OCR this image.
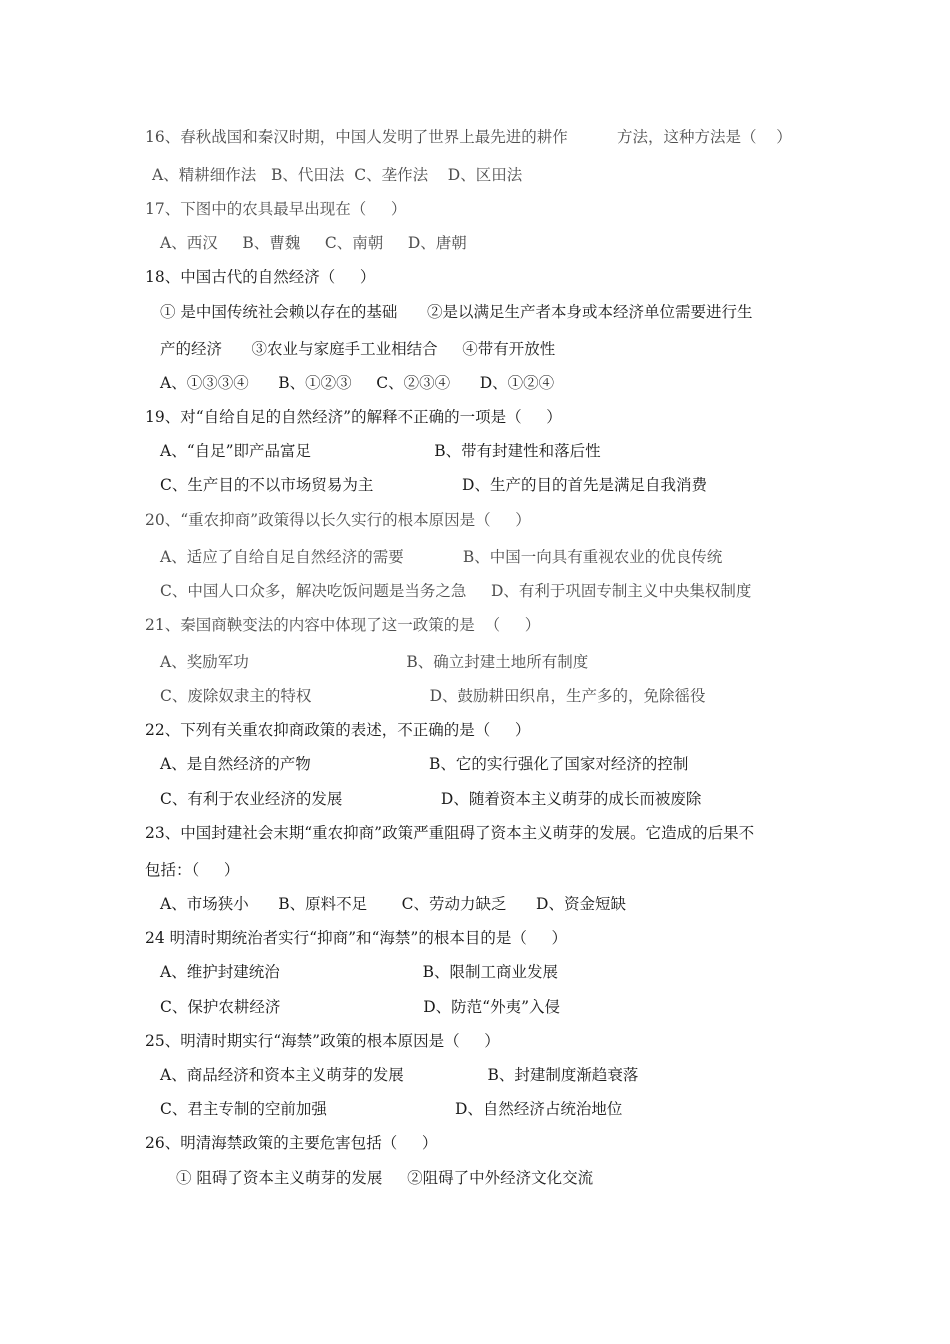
16、春秋战国和秦汉时期，中国人发明了世界上最先进的耕作          方法，这种方法是（    ）
A、精耕细作法   B、代田法  C、垄作法    D、区田法
17、下图中的农具最早出现在（     ）
A、西汉     B、曹魏     C、南朝     D、唐朝
18、中国古代的自然经济（     ）
① 是中国传统社会赖以存在的基础      ②是以满足生产者本身或本经济单位需要进行生
产的经济      ③农业与家庭手工业相结合     ④带有开放性
A、①③③④      B、①②③     C、②③④      D、①②④
19、对“自给自足的自然经济”的解释不正确的一项是（     ）
A、“自足”即产品富足                         B、带有封建性和落后性
C、生产目的不以市场贸易为主                  D、生产的目的首先是满足自我消费
20、“重农抑商”政策得以长久实行的根本原因是（     ）
A、适应了自给自足自然经济的需要            B、中国一向具有重视农业的优良传统
C、中国人口众多，解决吃饭问题是当务之急     D、有利于巩固专制主义中央集权制度
21、秦国商鞅变法的内容中体现了这一政策的是  （     ）
A、奖励军功                                B、确立封建土地所有制度
C、废除奴隶主的特权                        D、鼓励耕田织帛，生产多的，免除徭役
22、下列有关重农抑商政策的表述，不正确的是（     ）
A、是自然经济的产物                        B、它的实行强化了国家对经济的控制
C、有利于农业经济的发展                    D、随着资本主义萌芽的成长而被废除
23、中国封建社会末期“重农抑商”政策严重阻碍了资本主义萌芽的发展。它造成的后果不
包括：（     ）
A、市场狭小      B、原料不足       C、劳动力缺乏      D、资金短缺
24 明清时期统治者实行“抑商”和“海禁”的根本目的是（     ）
A、维护封建统治                             B、限制工商业发展
C、保护农耕经济                             D、防范“外夷”入侵
25、明清时期实行“海禁”政策的根本原因是（     ）
A、商品经济和资本主义萌芽的发展                 B、封建制度渐趋衰落
C、君主专制的空前加强                          D、自然经济占统治地位
26、明清海禁政策的主要危害包括（     ）
① 阻碍了资本主义萌芽的发展     ②阻碍了中外经济文化交流
